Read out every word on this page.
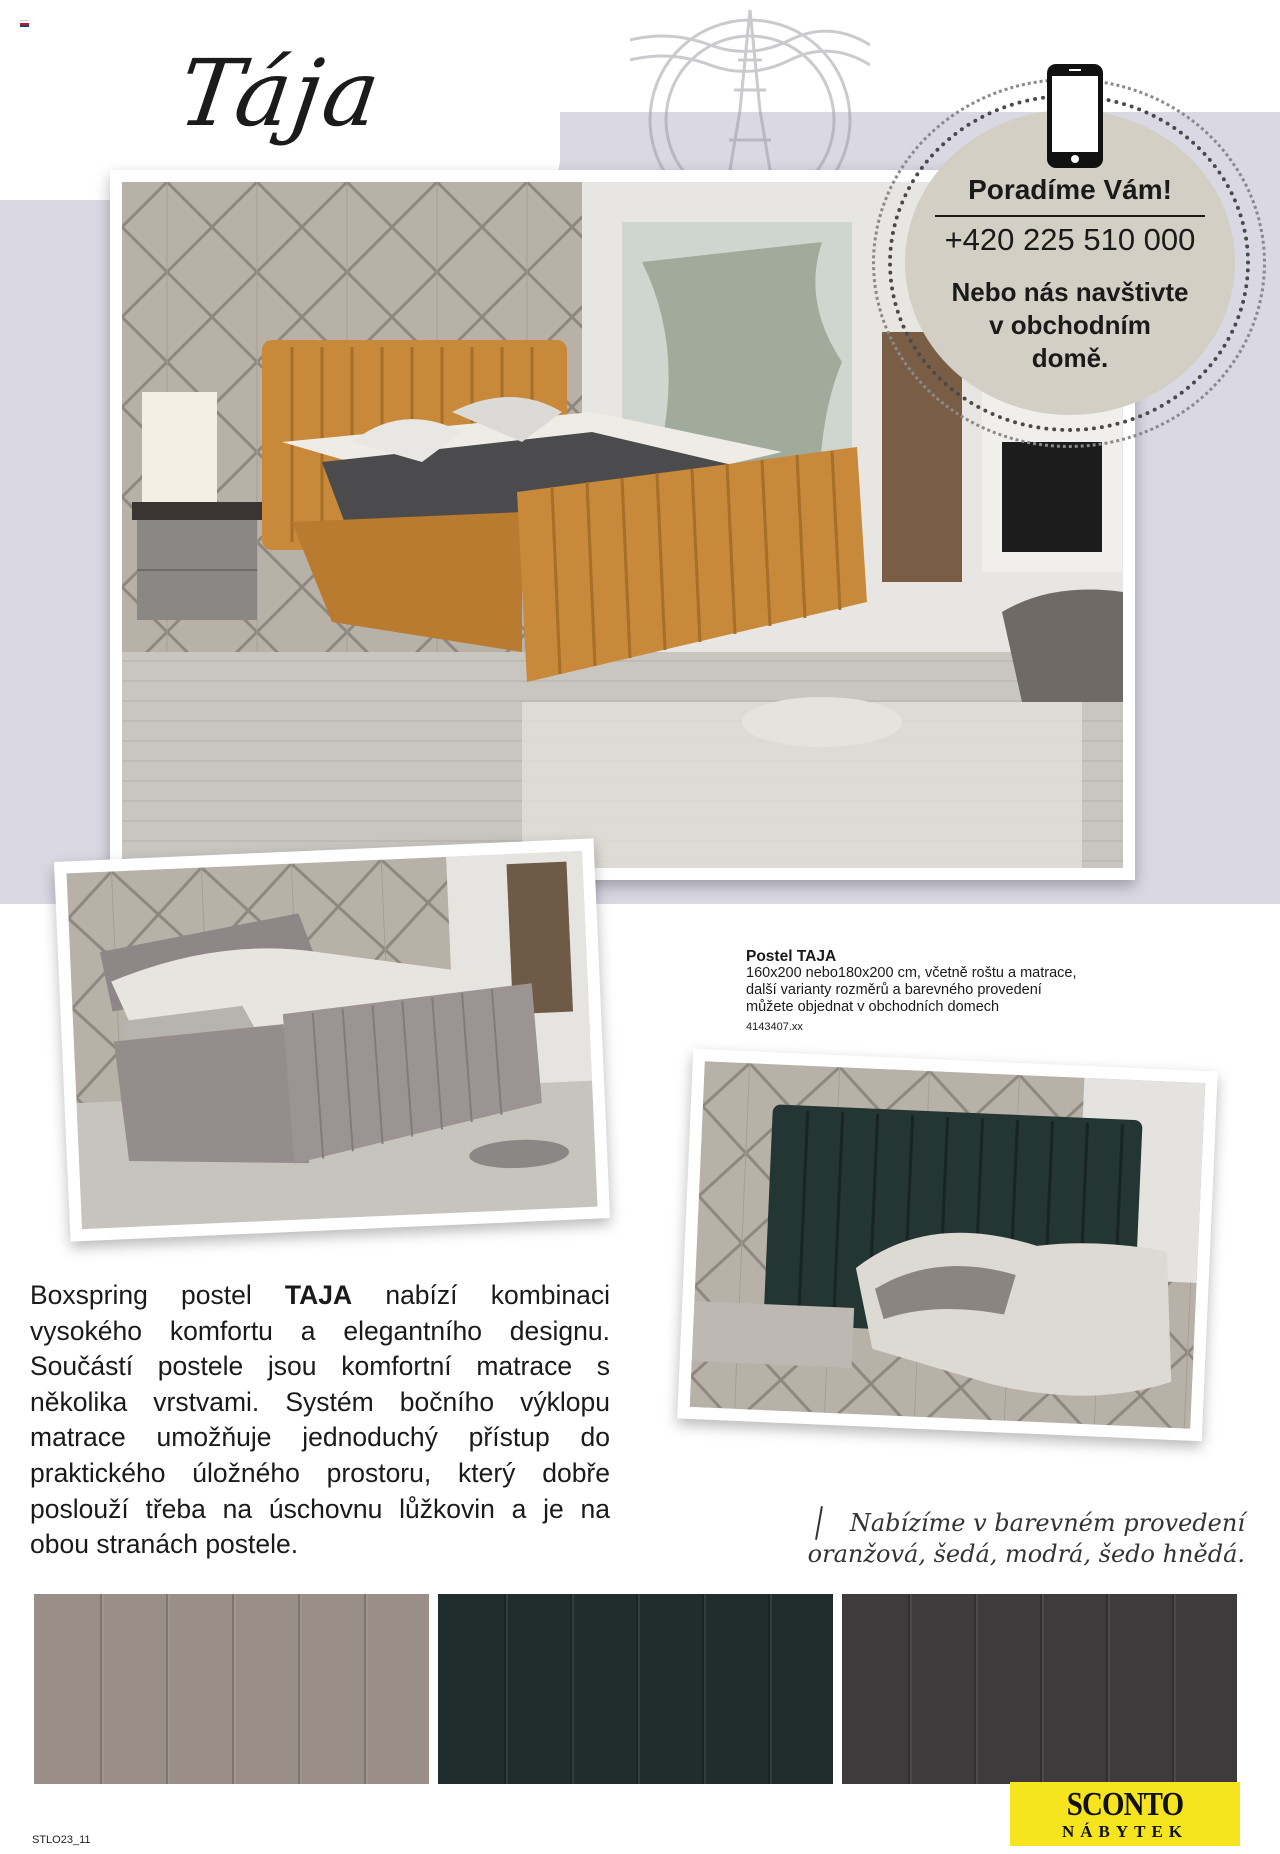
Tája
Poradíme Vám!
+420 225 510 000
Nebo nás navštivte
v obchodním
domě.
Postel TAJA
160x200 nebo180x200 cm, včetně roštu a matrace,
další varianty rozměrů a barevného provedení
můžete objednat v obchodních domech
4143407.xx
Boxspring postel TAJA nabízí kombinaci vysokého komfortu a elegantního designu. Součástí postele jsou komfortní matrace s několika vrstvami. Systém bočního výklopu matrace umožňuje jednoduchý přístup do praktického úložného prostoru, který dobře poslouží třeba na úschovnu lůžkovin a je na obou stranách postele.
Nabízíme v barevném provedení
oranžová, šedá, modrá, šedo hnědá.
SCONTO
NÁBYTEK
STLO23_11
